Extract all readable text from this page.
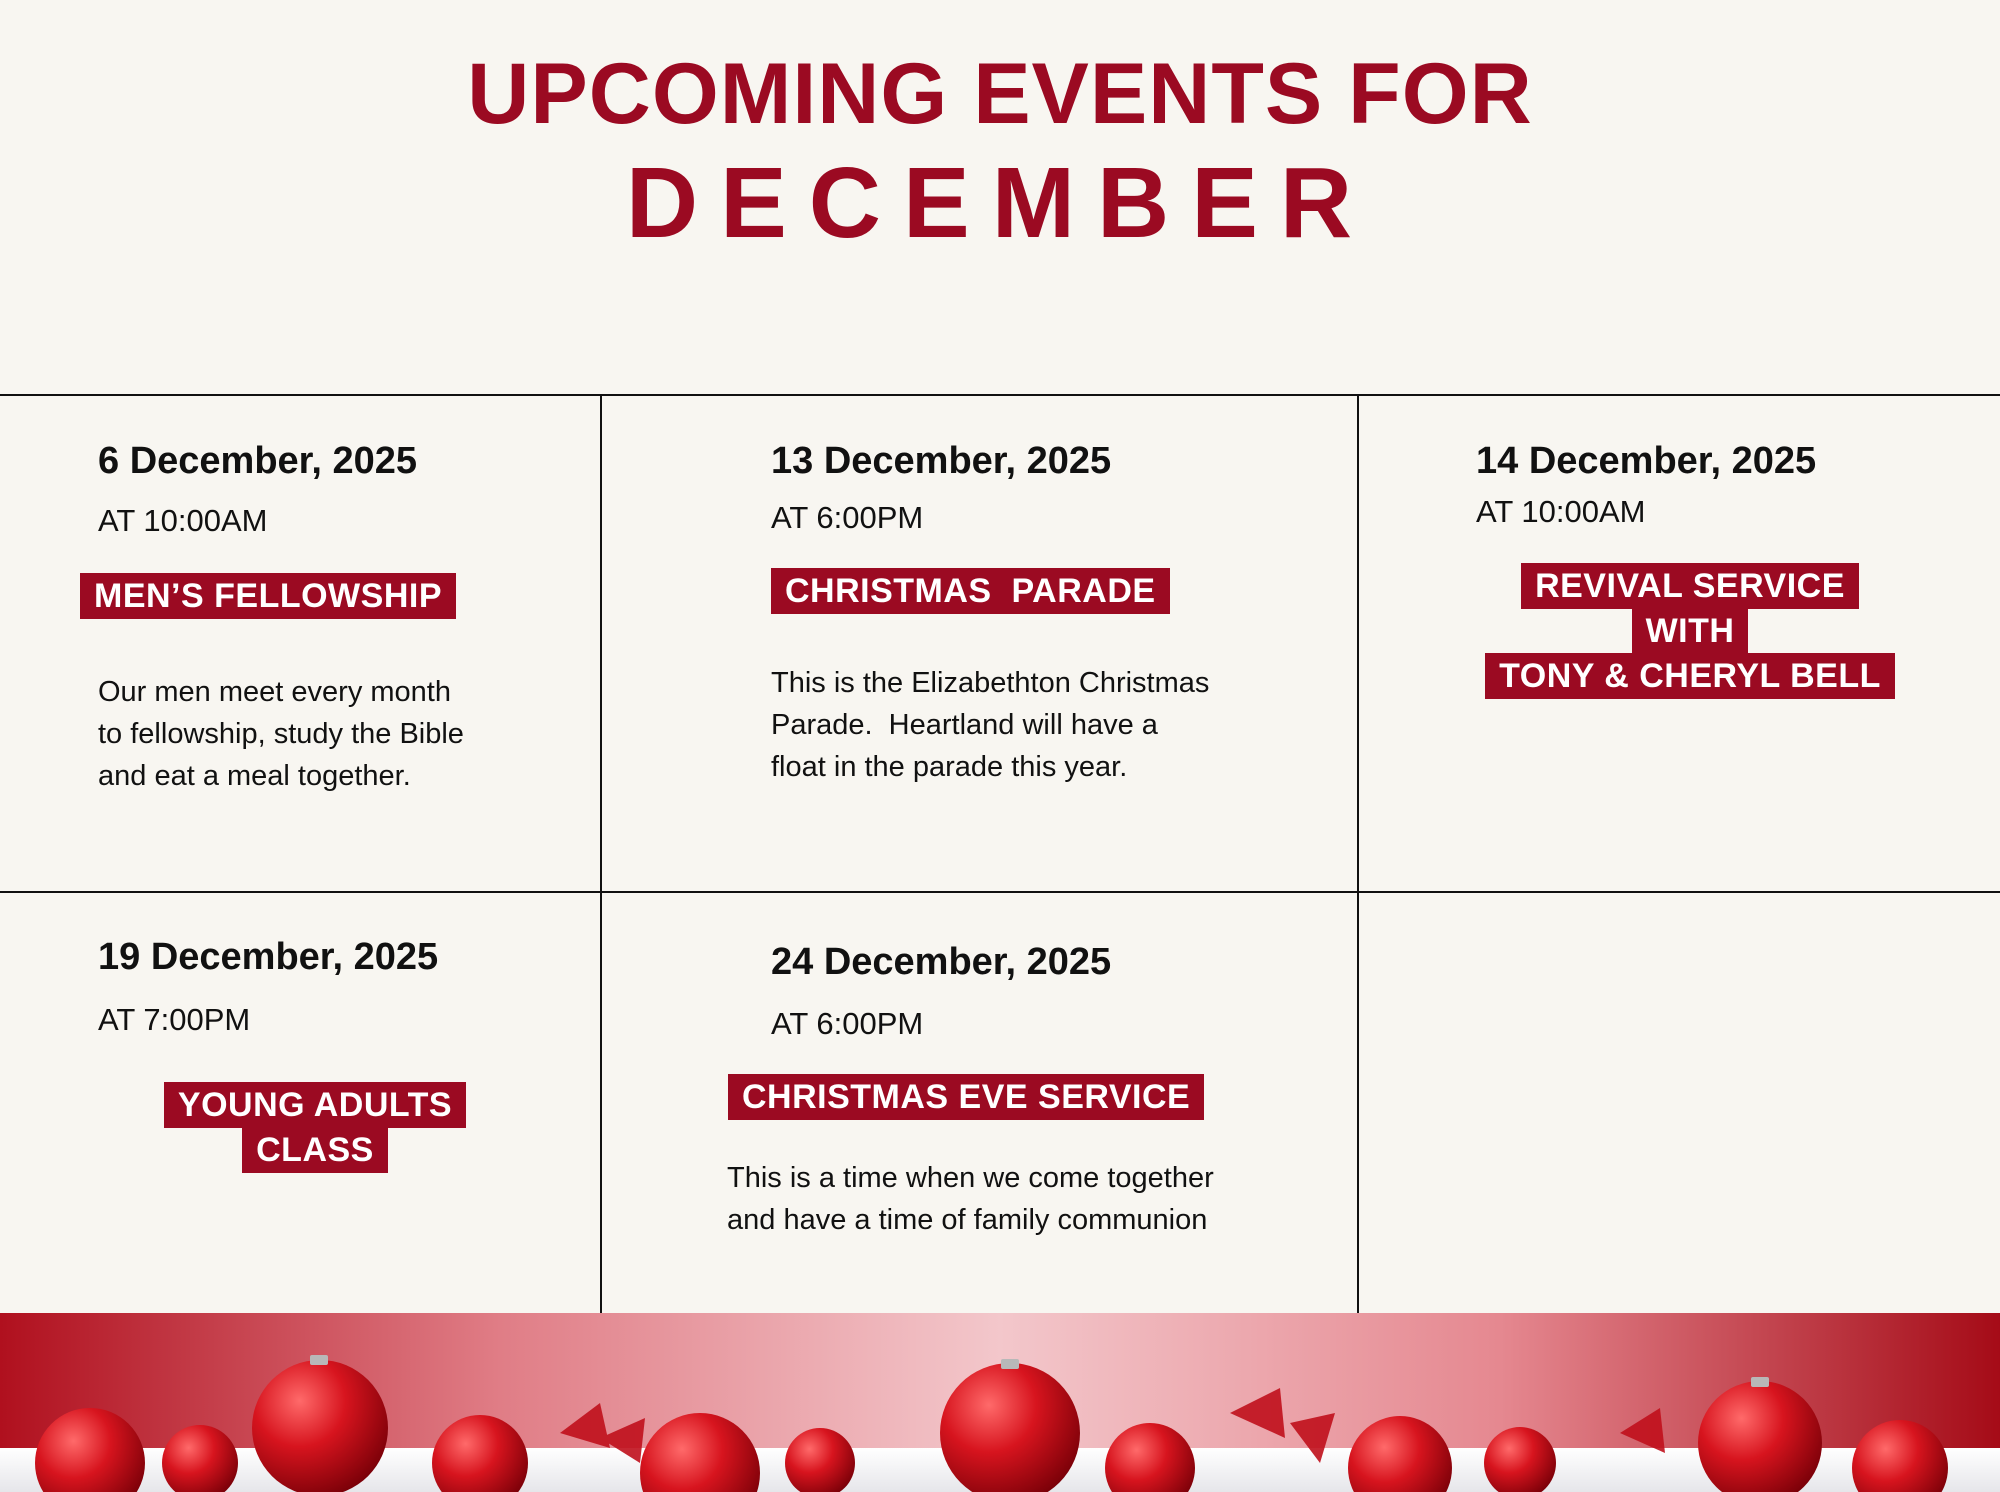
UPCOMING EVENTS FOR
DECEMBER
6 December, 2025
AT 10:00AM
MEN’S FELLOWSHIP
Our men meet every month to fellowship, study the Bible and eat a meal together.
13 December, 2025
AT 6:00PM
CHRISTMAS  PARADE
This is the Elizabethton Christmas Parade.  Heartland will have a float in the parade this year.
14 December, 2025
AT 10:00AM
REVIVAL SERVICE
WITH
TONY & CHERYL BELL
19 December, 2025
AT 7:00PM
YOUNG ADULTS
CLASS
24 December, 2025
AT 6:00PM
CHRISTMAS EVE SERVICE
This is a time when we come together and have a time of family communion
